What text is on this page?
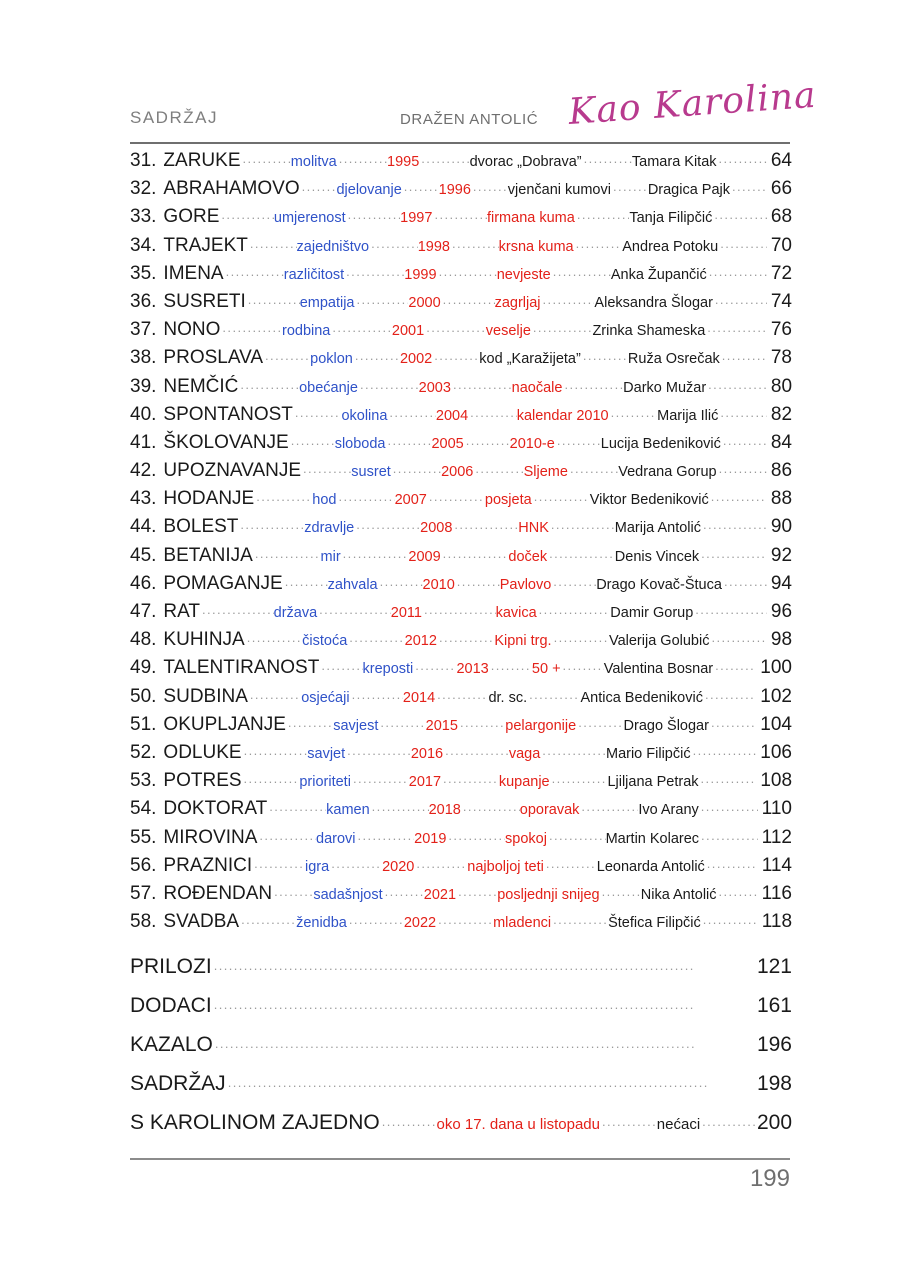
SADRŽAJ	DRAŽEN ANTOLIĆ Kao Karolina
31. ZARUKE .....	molitva .....	1995 .....	dvorac „Dobrava” .....	Tamara Kitak .....	64
32. ABRAHAMOVO .....	djelovanje .....	1996 .....	vjenčani kumovi .....	Dragica Pajk ..... 66
33. GORE .....	umjerenost .....	1997 .....	firmana kuma .....	Tanja Filipčić .....	68
34. TRAJEKT .....	zajedništvo .....	1998 .....	krsna kuma .....	Andrea Potoku .....	70
35. IMENA .....	različitost .....	1999 .....	nevjeste .....	Anka Župančić .....	72
36. SUSRETI .....	empatija .....	2000 .....	zagrljaj .....	Aleksandra Šlogar .....	74
37. NONO .....	rodbina .....	2001 .....	veselje .....	Zrinka Shameska .....	76
38. PROSLAVA .....	poklon .....	2002 .....	kod „Karažijeta” .....	Ruža Osrečak .....	78
39. NEMČIĆ .....	obećanje .....	2003 .....	naočale .....	Darko Mužar .....	80
40. SPONTANOST .....	okolina .....	2004 .....	kalendar 2010 .....	Marija Ilić .....	82
41. ŠKOLOVANJE .....	sloboda .....	2005 .....	2010-e .....	Lucija Bedeniković .....	84
42. UPOZNAVANJE .....	susret .....	2006 .....	Sljeme .....	Vedrana Gorup .....	86
43. HODANJE .....	hod .....	2007 .....	posjeta .....	Viktor Bedeniković .....	88
44. BOLEST .....	zdravlje .....	2008 .....	HNK .....	Marija Antolić .....	90
45. BETANIJA .....	mir .....	2009 .....	doček .....	Denis Vincek .....	92
46. POMAGANJE .....	zahvala .....	2010 .....	Pavlovo .....	Drago Kovač-Štuca .....	94
47. RAT .....	država .....	2011 .....	kavica .....	Damir Gorup .....	96
48. KUHINJA .....	čistoća .....	2012 .....	Kipni trg. .....	Valerija Golubić .....	98
49. TALENTIRANOST .....	kreposti .....	2013 .....	50 + .....	Valentina Bosnar ..... 100
50. SUDBINA .....	osjećaji .....	2014 .....	dr. sc. .....	Antica Bedeniković .....	102
51. OKUPLJANJE .....	savjest .....	2015 .....	pelargonije .....	Drago Šlogar .....	104
52. ODLUKE .....	savjet .....	2016 .....	vaga .....	Mario Filipčić .....	106
53. POTRES .....	prioriteti .....	2017 .....	kupanje .....	Ljiljana Petrak .....	108
54. DOKTORAT .....	kamen .....	2018 .....	oporavak .....	Ivo Arany .....	110
55. MIROVINA .....	darovi .....	2019 .....	spokoj .....	Martin Kolarec .....	112
56. PRAZNICI .....	igra .....	2020 .....	najboljoj teti .....	Leonarda Antolić .....	114
57. ROĐENDAN .....	sadašnjost .....	2021 .....	posljednji snijeg .....	Nika Antolić ..... 116
58. SVADBA .....	ženidba .....	2022 .....	mladenci .....	Štefica Filipčić .....	118
PRILOZI .....	121
DODACI .....	161
KAZALO .....	196
SADRŽAJ .....	198
S KAROLINOM ZAJEDNO .....	oko 17. dana u listopadu .....	nećaci .....	200
199
